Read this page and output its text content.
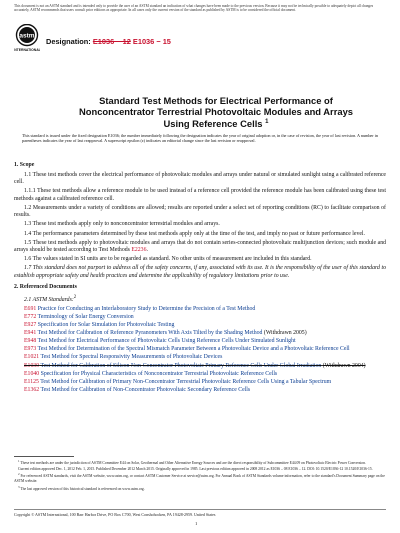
This document is not an ASTM standard and is intended only to provide the user of an ASTM standard an indication of what changes have been made to the previous version. Because it may not be technically possible to adequately depict all changes accurately, ASTM recommends that users consult prior editions as appropriate. In all cases only the current version of the standard as published by ASTM is to be considered the official document.
astm
INTERNATIONAL
Designation: E1036 − 12 E1036 − 15
Standard Test Methods for Electrical Performance of Nonconcentrator Terrestrial Photovoltaic Modules and Arrays Using Reference Cells $^1$
This standard is issued under the fixed designation E1036; the number immediately following the designation indicates the year of original adoption or, in the case of revision, the year of last revision. A number in parentheses indicates the year of last reapproval. A superscript epsilon (ε) indicates an editorial change since the last revision or reapproval.

1. Scope

1.1 These test methods cover the electrical performance of photovoltaic modules and arrays under natural or simulated sunlight using a calibrated reference cell.

1.1.1 These test methods allow a reference module to be used instead of a reference cell provided the reference module has been calibrated using these test methods against a calibrated reference cell.

1.2 Measurements under a variety of conditions are allowed; results are reported under a select set of reporting conditions (RC) to facilitate comparison of results.

1.3 These test methods apply only to nonconcentrator terrestrial modules and arrays.

1.4 The performance parameters determined by these test methods apply only at the time of the test, and imply no past or future performance level.

1.5 These test methods apply to photovoltaic modules and arrays that do not contain series-connected photovoltaic multijunction devices; such module and arrays should be tested according to Test Methods E2236.

1.6 The values stated in SI units are to be regarded as standard. No other units of measurement are included in this standard.

1.7 This standard does not purport to address all of the safety concerns, if any, associated with its use. It is the responsibility of the user of this standard to establish appropriate safety and health practices and determine the applicability of regulatory limitations prior to use.

2. Referenced Documents

2.1 ASTM Standards:$^2$

E691 Practice for Conducting an Interlaboratory Study to Determine the Precision of a Test Method
E772 Terminology of Solar Energy Conversion
E927 Specification for Solar Simulation for Photovoltaic Testing
E941 Test Method for Calibration of Reference Pyranometers With Axis Tilted by the Shading Method (Withdrawn 2005)
E948 Test Method for Electrical Performance of Photovoltaic Cells Using Reference Cells Under Simulated Sunlight
E973 Test Method for Determination of the Spectral Mismatch Parameter Between a Photovoltaic Device and a Photovoltaic Reference Cell
E1021 Test Method for Spectral Responsivity Measurements of Photovoltaic Devices
E1039 Test Method for Calibration of Silicon Non-Concentrator Photovoltaic Primary Reference Cells Under Global Irradiation (Withdrawn 2004)
E1040 Specification for Physical Characteristics of Nonconcentrator Terrestrial Photovoltaic Reference Cells
E1125 Test Method for Calibration of Primary Non-Concentrator Terrestrial Photovoltaic Reference Cells Using a Tabular Spectrum
E1362 Test Method for Calibration of Non-Concentrator Photovoltaic Secondary Reference Cells

$^1$ These test methods are under the jurisdiction of ASTM Committee E44 on Solar, Geothermal and Other Alternative Energy Sources and are the direct responsibility of Subcommittee E44.09 on Photovoltaic Electric Power Conversion.

Current edition approved Dec. 1, 2012 Feb. 1, 2015. Published December 2012 March 2015. Originally approved in 1985. Last previous edition approved in 2008 2012 as E1036 – 08 E1036 – 12. DOI: 10.1520/E1036-12 10.1520/E1036-15.

$^2$ For referenced ASTM standards, visit the ASTM website, www.astm.org, or contact ASTM Customer Service at service@astm.org. For Annual Book of ASTM Standards volume information, refer to the standard's Document Summary page on the ASTM website.

$^3$ The last approved version of this historical standard is referenced on www.astm.org.

Copyright © ASTM International, 100 Barr Harbor Drive, PO Box C700, West Conshohocken, PA 19428-2959. United States
1
